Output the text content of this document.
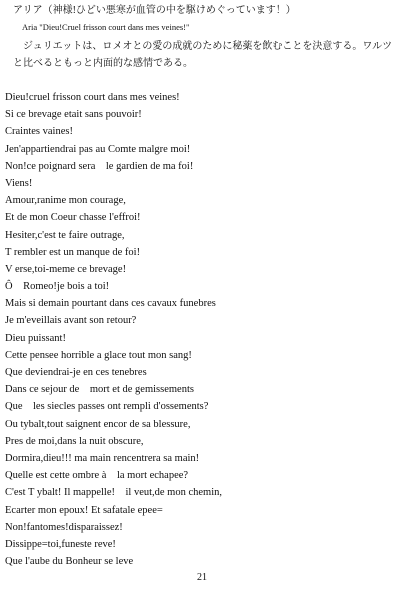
アリア（神様!ひどい悪寒が血管の中を駆けめぐっています！）
Aria "Dieu!Cruel frisson court dans mes veines!"

ジュリエットは、ロメオとの愛の成就のために秘薬を飲むことを決意する。ワルツと比べるともっと内面的な感情である。

Dieu!cruel frisson court dans mes veines!
Si ce brevage etait sans pouvoir!
Craintes vaines!
Jen'appartiendrai pas au Comte malgre moi!
Non!ce poignard sera　le gardien de ma foi!
Viens!
Amour,ranime mon courage,
Et de mon Coeur chasse l'effroi!
Hesiter,c'est te faire outrage,
T rembler est un manque de foi!
V erse,toi-meme ce brevage!
Ô　Romeo!je bois a toi!
Mais si demain pourtant dans ces cavaux funebres
Je m'eveillais avant son retour?
Dieu puissant!
Cette pensee horrible a glace tout mon sang!
Que deviendrai-je en ces tenebres
Dans ce sejour de　mort et de gemissements
Que　les siecles passes ont rempli d'ossements?
Ou tybalt,tout saignent encor de sa blessure,
Pres de moi,dans la nuit obscure,
Dormira,dieu!!! ma main rencentrera sa main!
Quelle est cette ombre à　la mort echapee?
C'est T ybalt! Il mappelle!　il veut,de mon chemin,
Ecarter mon epoux! Et safatale epee=
Non!fantomes!disparaissez!
Dissippe=toi,funeste reve!
Que l'aube du Bonheur se leve
21
